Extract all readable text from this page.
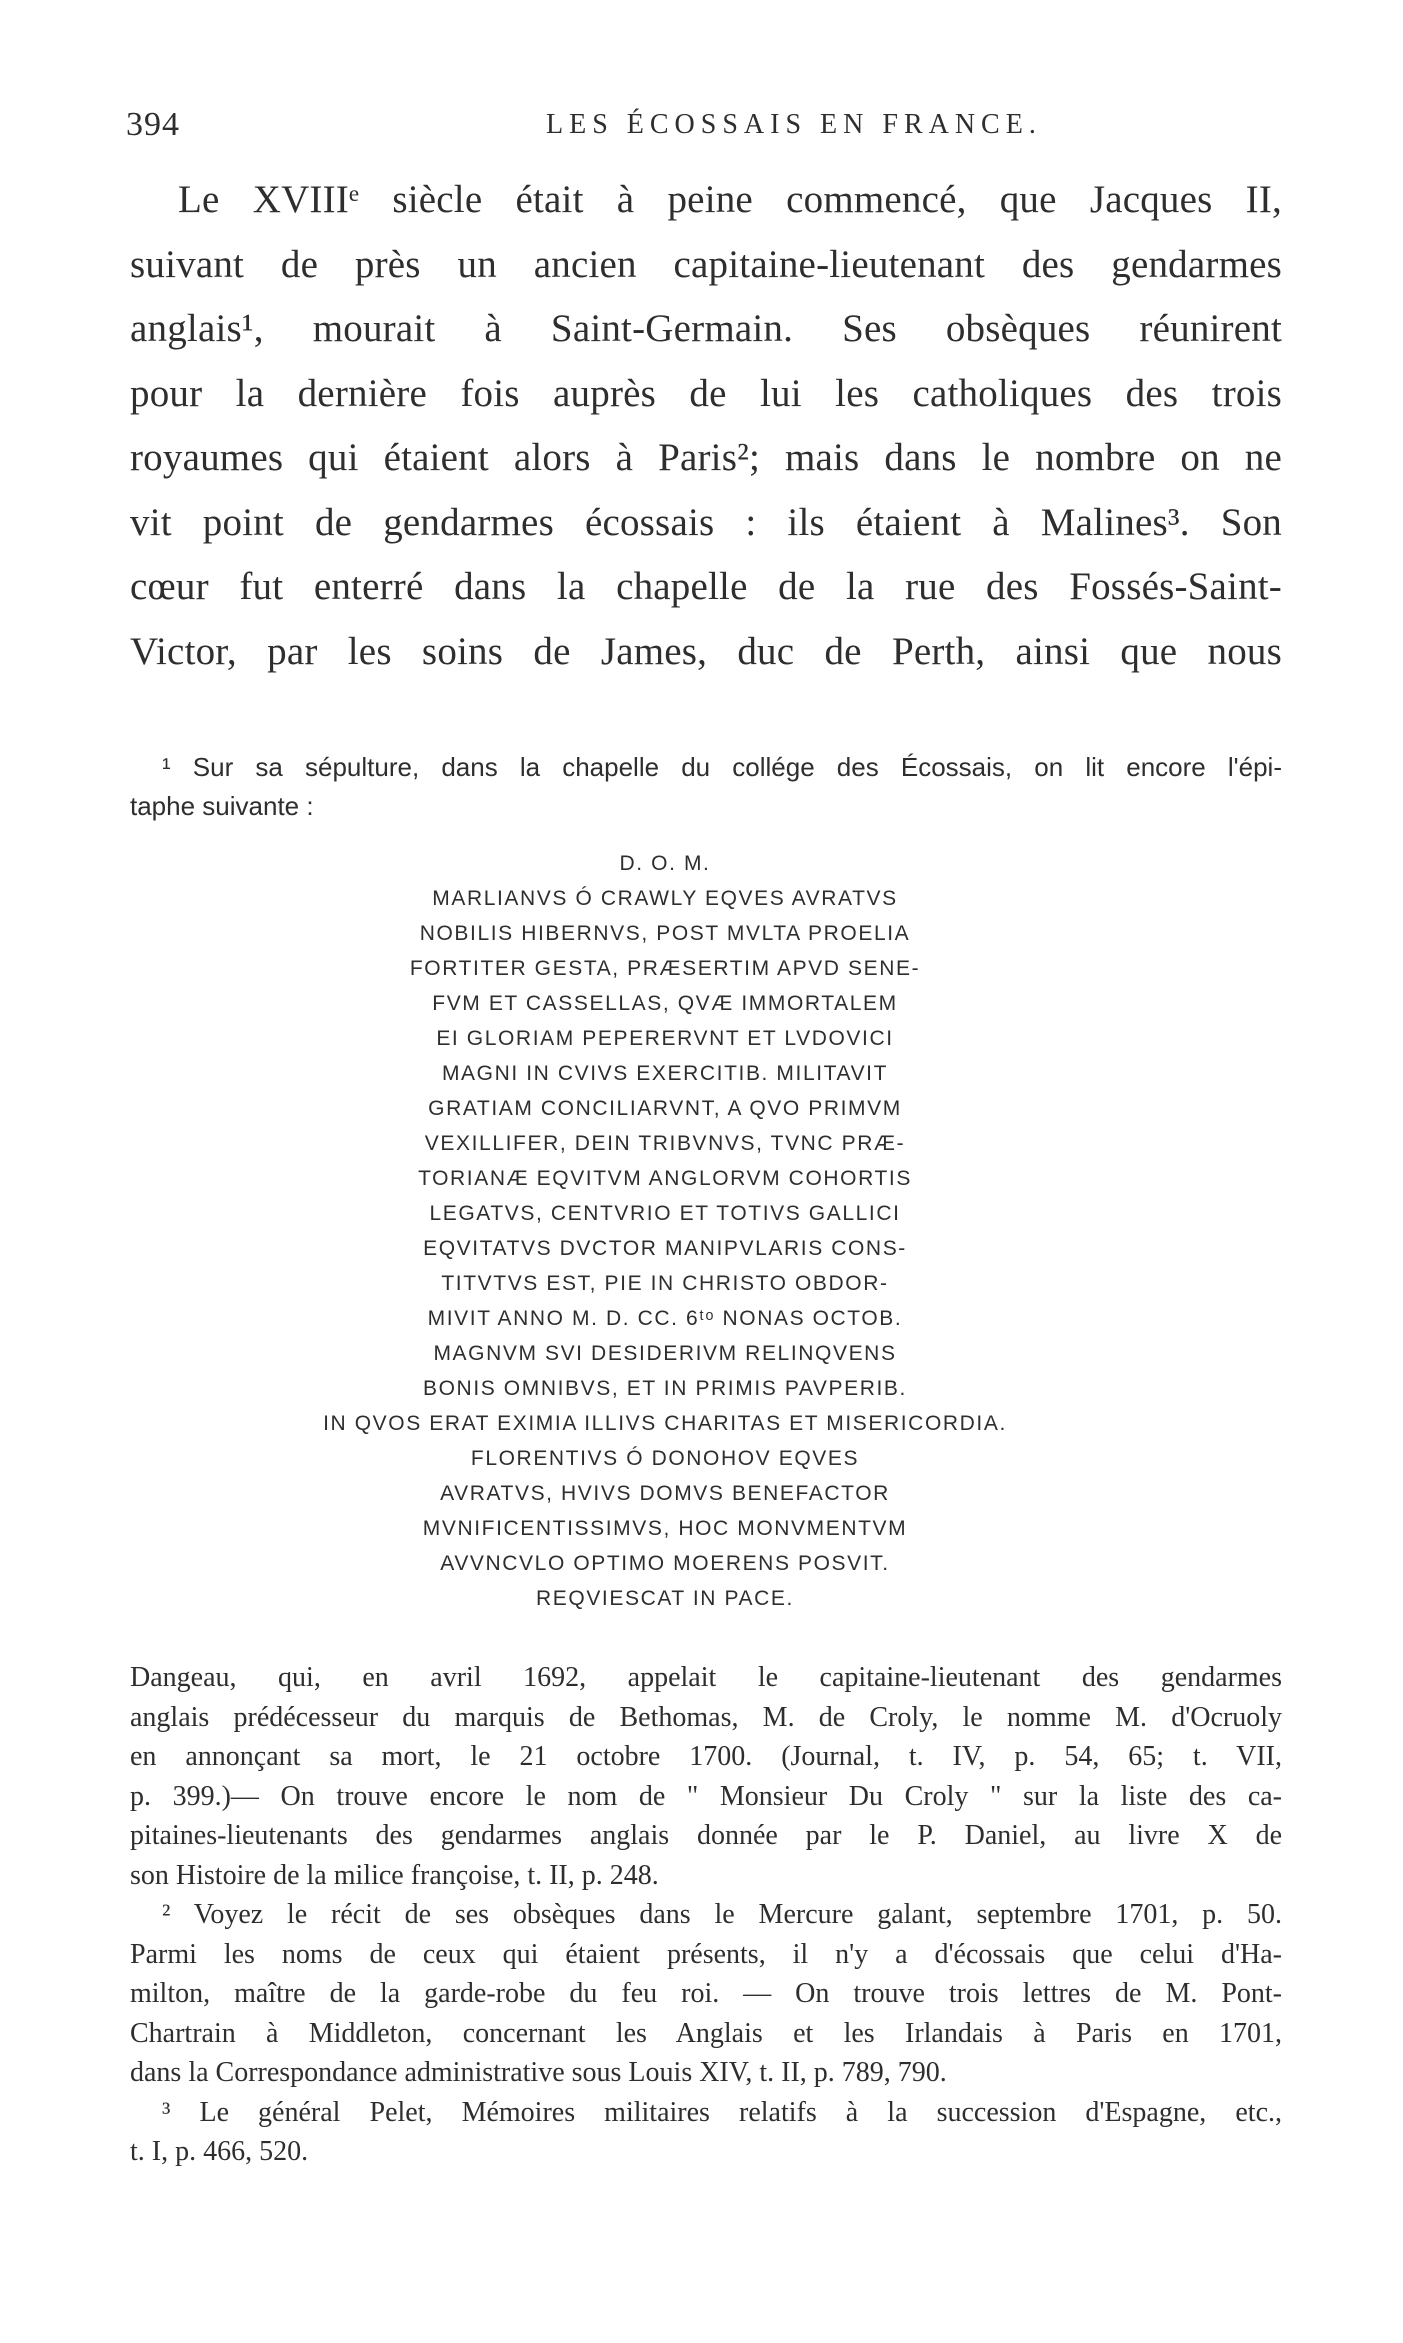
394	LES ÉCOSSAIS EN FRANCE.
Le XVIIIᵉ siècle était à peine commencé, que Jacques II,
suivant de près un ancien capitaine-lieutenant des gendarmes
anglais¹, mourait à Saint-Germain. Ses obsèques réunirent
pour la dernière fois auprès de lui les catholiques des trois
royaumes qui étaient alors à Paris²; mais dans le nombre on ne
vit point de gendarmes écossais : ils étaient à Malines³. Son
cœur fut enterré dans la chapelle de la rue des Fossés-Saint-
Victor, par les soins de James, duc de Perth, ainsi que nous
¹ Sur sa sépulture, dans la chapelle du collége des Écossais, on lit encore l'épi-
taphe suivante :
D. O. M.
MARLIANVS Ó CRAWLY EQVES AVRATVS
NOBILIS HIBERNVS, POST MVLTA PROELIA
FORTITER GESTA, PRÆSERTIM APVD SENE-
FVM ET CASSELLAS, QVÆ IMMORTALEM
EI GLORIAM PEPERERVNT ET LVDOVICI
MAGNI IN CVIVS EXERCITIB. MILITAVIT
GRATIAM CONCILIARVNT, A QVO PRIMVM
VEXILLIFER, DEIN TRIBVNVS, TVNC PRÆ-
TORIANÆ EQVITVM ANGLORVM COHORTIS
LEGATVS, CENTVRIO ET TOTIVS GALLICI
EQVITATVS DVCTOR MANIPVLARIS CONS-
TITVTVS EST, PIE IN CHRISTO OBDOR-
MIVIT ANNO M. D. CC. 6ᵗᵒ NONAS OCTOB.
MAGNVM SVI DESIDERIVM RELINQVENS
BONIS OMNIBVS, ET IN PRIMIS PAVPERIB.
IN QVOS ERAT EXIMIA ILLIVS CHARITAS ET MISERICORDIA.
FLORENTIVS Ó DONOHOV EQVES
AVRATVS, HVIVS DOMVS BENEFACTOR
MVNIFICENTISSIMVS, HOC MONVMENTVM
AVVNCVLO OPTIMO MOERENS POSVIT.
REQVIESCAT IN PACE.
Dangeau, qui, en avril 1692, appelait le capitaine-lieutenant des gendarmes
anglais prédécesseur du marquis de Bethomas, M. de Croly, le nomme M. d'Ocruoly
en annonçant sa mort, le 21 octobre 1700. (Journal, t. IV, p. 54, 65; t. VII,
p. 399.)— On trouve encore le nom de " Monsieur Du Croly " sur la liste des ca-
pitaines-lieutenants des gendarmes anglais donnée par le P. Daniel, au livre X de
son Histoire de la milice françoise, t. II, p. 248.
² Voyez le récit de ses obsèques dans le Mercure galant, septembre 1701, p. 50.
Parmi les noms de ceux qui étaient présents, il n'y a d'écossais que celui d'Ha-
milton, maître de la garde-robe du feu roi. — On trouve trois lettres de M. Pont-
Chartrain à Middleton, concernant les Anglais et les Irlandais à Paris en 1701,
dans la Correspondance administrative sous Louis XIV, t. II, p. 789, 790.
³ Le général Pelet, Mémoires militaires relatifs à la succession d'Espagne, etc.,
t. I, p. 466, 520.
